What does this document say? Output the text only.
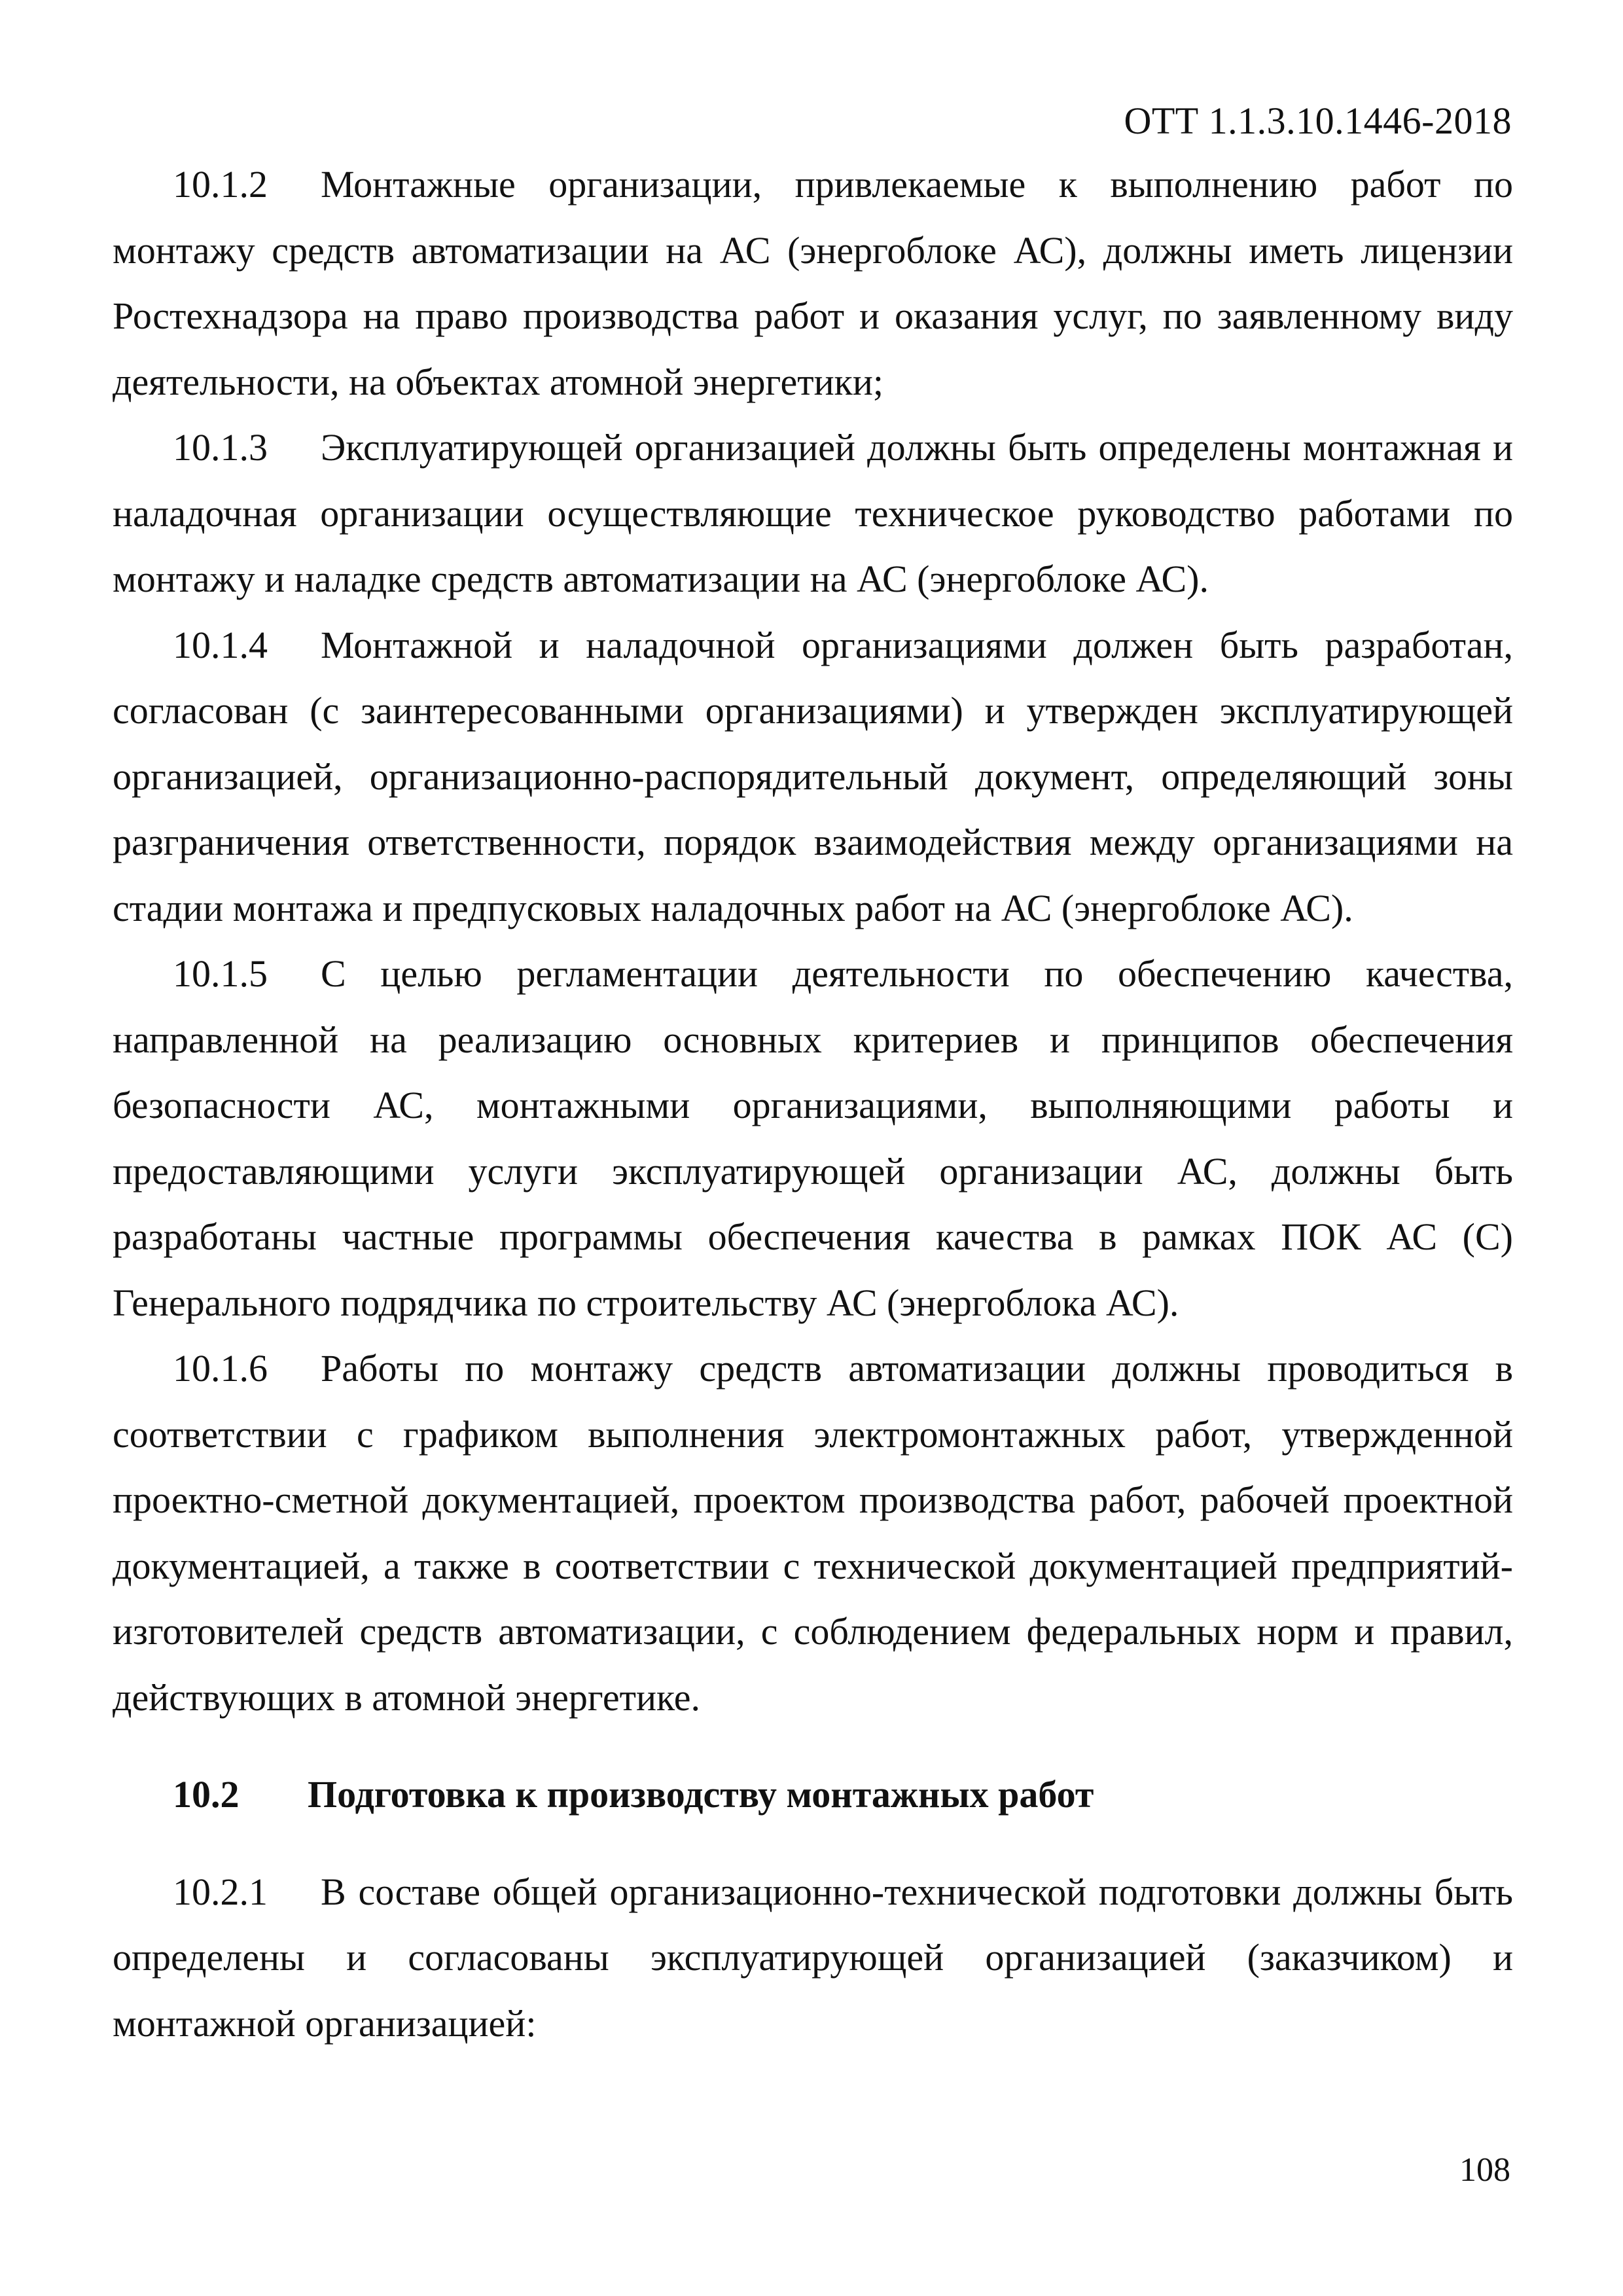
ОТТ 1.1.3.10.1446-2018

10.1.2 Монтажные организации, привлекаемые к выполнению работ по монтажу средств автоматизации на АС (энергоблоке АС), должны иметь лицензии Ростехнадзора на право производства работ и оказания услуг, по заявленному виду деятельности, на объектах атомной энергетики;

10.1.3 Эксплуатирующей организацией должны быть определены монтажная и наладочная организации осуществляющие техническое руководство работами по монтажу и наладке средств автоматизации на АС (энергоблоке АС).

10.1.4 Монтажной и наладочной организациями должен быть разработан, согласован (с заинтересованными организациями) и утвержден эксплуатирующей организацией, организационно-распорядительный документ, определяющий зоны разграничения ответственности, порядок взаимодействия между организациями на стадии монтажа и предпусковых наладочных работ на АС (энергоблоке АС).

10.1.5 С целью регламентации деятельности по обеспечению качества, направленной на реализацию основных критериев и принципов обеспечения безопасности АС, монтажными организациями, выполняющими работы и предоставляющими услуги эксплуатирующей организации АС, должны быть разработаны частные программы обеспечения качества в рамках ПОК АС (С) Генерального подрядчика по строительству АС (энергоблока АС).

10.1.6 Работы по монтажу средств автоматизации должны проводиться в соответствии с графиком выполнения электромонтажных работ, утвержденной проектно-сметной документацией, проектом производства работ, рабочей проектной документацией, а также в соответствии с технической документацией предприятий-изготовителей средств автоматизации, с соблюдением федеральных норм и правил, действующих в атомной энергетике.

10.2 Подготовка к производству монтажных работ

10.2.1 В составе общей организационно-технической подготовки должны быть определены и согласованы эксплуатирующей организацией (заказчиком) и монтажной организацией:

108
